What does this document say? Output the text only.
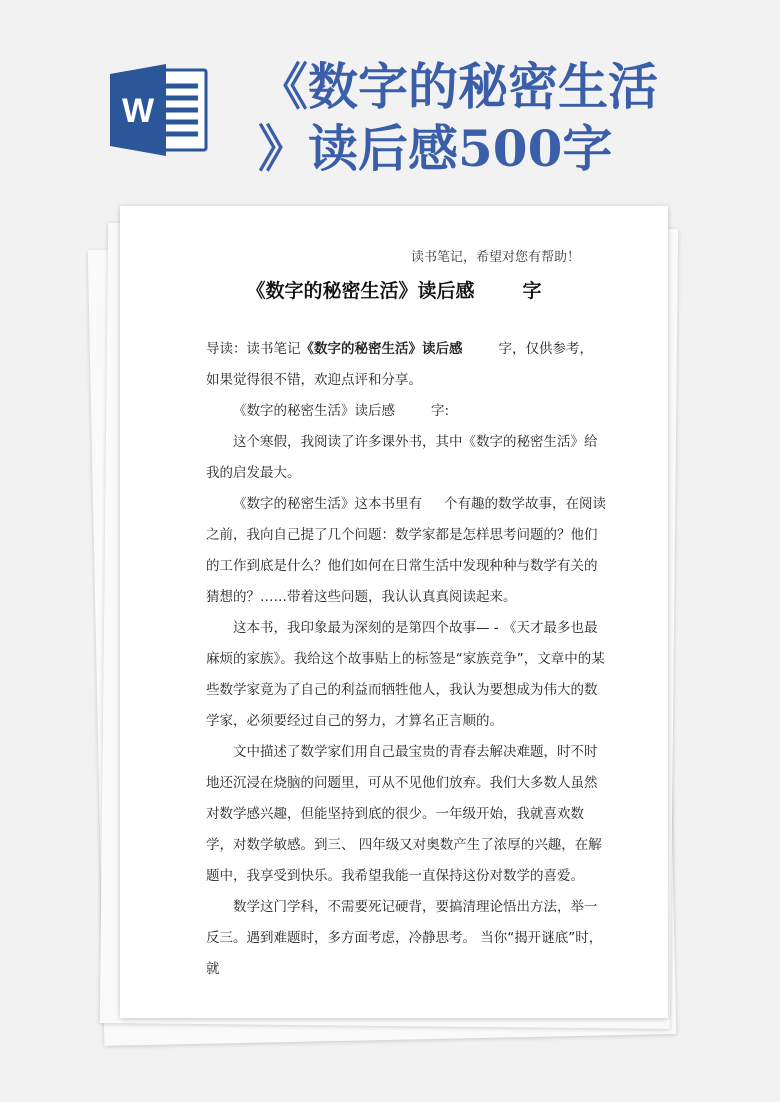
W 《数字的秘密生活
》读后感500字
读书笔记，希望对您有帮助！
《数字的秘密生活》读后感	字

导读：读书笔记《数字的秘密生活》读后感	字，仅供参考，如果觉得很不错，欢迎点评和分享。

《数字的秘密生活》读后感	字:

这个寒假，我阅读了许多课外书，其中《数字的秘密生活》给我的启发最大。

《数字的秘密生活》这本书里有 个有趣的数学故事，在阅读之前，我向自己提了几个问题：数学家都是怎样思考问题的？他们的工作到底是什么？他们如何在日常生活中发现种种与数学有关的猜想的？……带着这些问题，我认认真真阅读起来。

这本书，我印象最为深刻的是第四个故事— - 《天才最多也最麻烦的家族》。我给这个故事贴上的标签是“家族竞争”，文章中的某些数学家竟为了自己的利益而牺牲他人，我认为要想成为伟大的数学家，必须要经过自己的努力，才算名正言顺的。

文中描述了数学家们用自己最宝贵的青春去解决难题，时不时地还沉浸在烧脑的问题里，可从不见他们放弃。我们大多数人虽然对数学感兴趣，但能坚持到底的很少。一年级开始，我就喜欢数学，对数学敏感。到三、 四年级又对奥数产生了浓厚的兴趣，在解题中，我享受到快乐。我希望我能一直保持这份对数学的喜爱。

数学这门学科，不需要死记硬背，要搞清理论悟出方法，举一反三。遇到难题时，多方面考虑，冷静思考。 当你“揭开谜底”时，就
